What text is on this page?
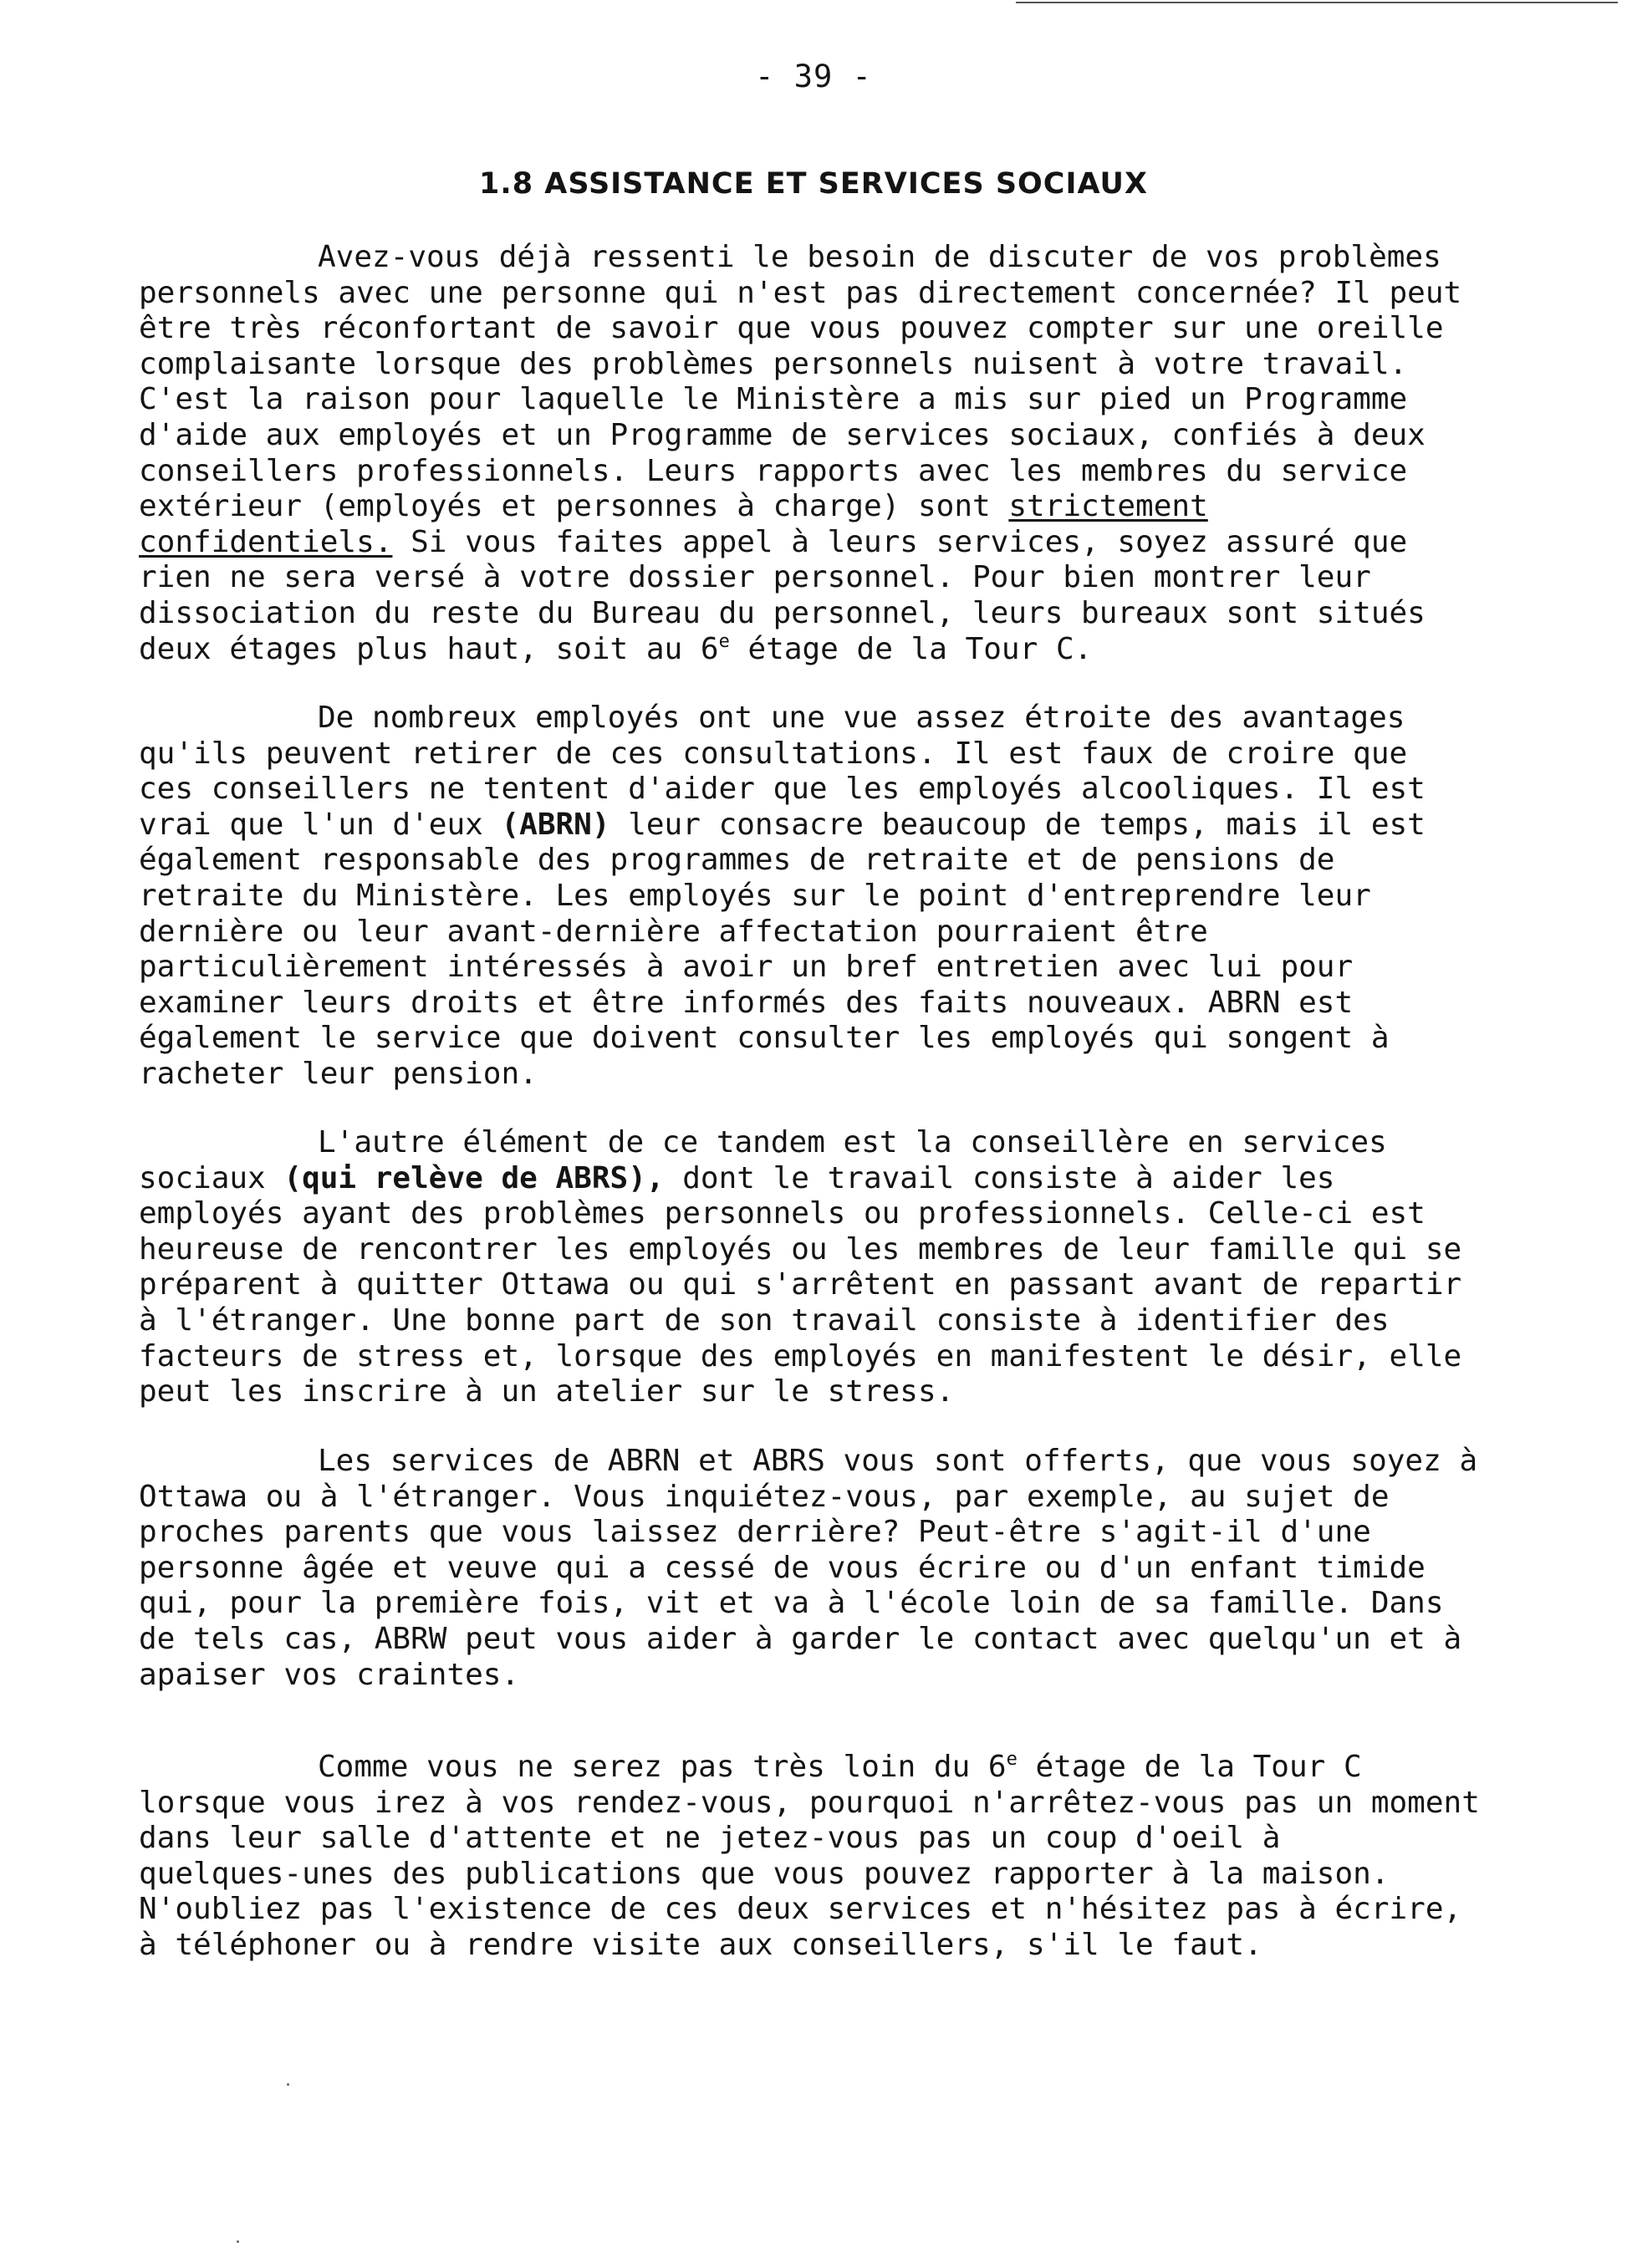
- 39 -
1.8 ASSISTANCE ET SERVICES SOCIAUX
Avez-vous déjà ressenti le besoin de discuter de vos problèmes
personnels avec une personne qui n'est pas directement concernée? Il peut
être très réconfortant de savoir que vous pouvez compter sur une oreille
complaisante lorsque des problèmes personnels nuisent à votre travail.
C'est la raison pour laquelle le Ministère a mis sur pied un Programme
d'aide aux employés et un Programme de services sociaux, confiés à deux
conseillers professionnels. Leurs rapports avec les membres du service
extérieur (employés et personnes à charge) sont strictement
confidentiels. Si vous faites appel à leurs services, soyez assuré que
rien ne sera versé à votre dossier personnel. Pour bien montrer leur
dissociation du reste du Bureau du personnel, leurs bureaux sont situés
deux étages plus haut, soit au 6e étage de la Tour C.
De nombreux employés ont une vue assez étroite des avantages
qu'ils peuvent retirer de ces consultations. Il est faux de croire que
ces conseillers ne tentent d'aider que les employés alcooliques. Il est
vrai que l'un d'eux (ABRN) leur consacre beaucoup de temps, mais il est
également responsable des programmes de retraite et de pensions de
retraite du Ministère. Les employés sur le point d'entreprendre leur
dernière ou leur avant-dernière affectation pourraient être
particulièrement intéressés à avoir un bref entretien avec lui pour
examiner leurs droits et être informés des faits nouveaux. ABRN est
également le service que doivent consulter les employés qui songent à
racheter leur pension.
L'autre élément de ce tandem est la conseillère en services
sociaux (qui relève de ABRS), dont le travail consiste à aider les
employés ayant des problèmes personnels ou professionnels. Celle-ci est
heureuse de rencontrer les employés ou les membres de leur famille qui se
préparent à quitter Ottawa ou qui s'arrêtent en passant avant de repartir
à l'étranger. Une bonne part de son travail consiste à identifier des
facteurs de stress et, lorsque des employés en manifestent le désir, elle
peut les inscrire à un atelier sur le stress.
Les services de ABRN et ABRS vous sont offerts, que vous soyez à
Ottawa ou à l'étranger. Vous inquiétez-vous, par exemple, au sujet de
proches parents que vous laissez derrière? Peut-être s'agit-il d'une
personne âgée et veuve qui a cessé de vous écrire ou d'un enfant timide
qui, pour la première fois, vit et va à l'école loin de sa famille. Dans
de tels cas, ABRW peut vous aider à garder le contact avec quelqu'un et à
apaiser vos craintes.
Comme vous ne serez pas très loin du 6e étage de la Tour C
lorsque vous irez à vos rendez-vous, pourquoi n'arrêtez-vous pas un moment
dans leur salle d'attente et ne jetez-vous pas un coup d'oeil à
quelques-unes des publications que vous pouvez rapporter à la maison.
N'oubliez pas l'existence de ces deux services et n'hésitez pas à écrire,
à téléphoner ou à rendre visite aux conseillers, s'il le faut.
